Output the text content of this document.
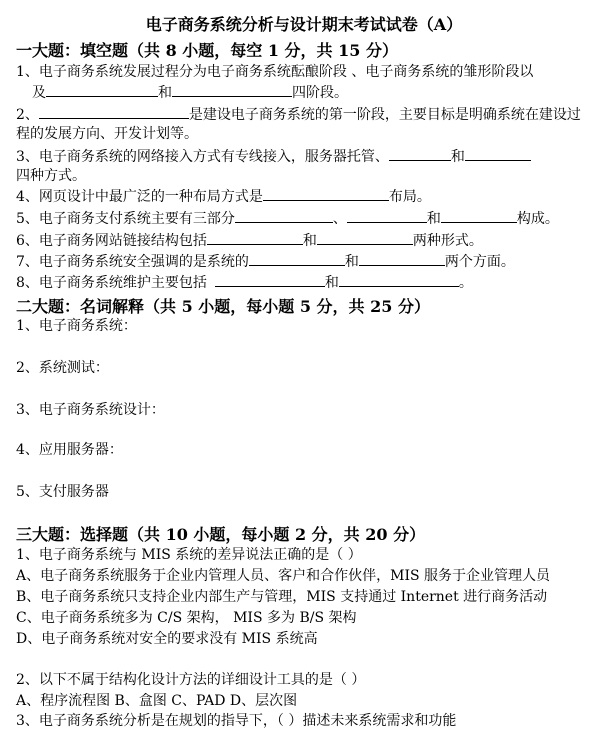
电子商务系统分析与设计期末考试试卷（A）
一大题：填空题（共 8 小题，每空 1 分，共 15 分）
1、电子商务系统发展过程分为电子商务系统酝酿阶段 、电子商务系统的雏形阶段以
及	和	四阶段。
2、	是建设电子商务系统的第一阶段，主要目标是明确系统在建设过
程的发展方向、开发计划等。
3、电子商务系统的网络接入方式有专线接入，服务器托管、	和
四种方式。
4、网页设计中最广泛的一种布局方式是	布局。
5、电子商务支付系统主要有三部分	、	和	构成。
6、电子商务网站链接结构包括	和	两种形式。
7、电子商务系统安全强调的是系统的	和	两个方面。
8、电子商务系统维护主要包括	和	。
二大题：名词解释（共 5 小题，每小题 5 分，共 25 分）
1、电子商务系统：
2、系统测试：
3、电子商务系统设计：
4、应用服务器：
5、支付服务器
三大题：选择题（共 10 小题，每小题 2 分，共 20 分）
1、电子商务系统与 MIS 系统的差异说法正确的是（ ）
A、电子商务系统服务于企业内管理人员、客户和合作伙伴，MIS 服务于企业管理人员
B、电子商务系统只支持企业内部生产与管理，MIS 支持通过 Internet 进行商务活动
C、电子商务系统多为 C/S 架构， MIS 多为 B/S 架构
D、电子商务系统对安全的要求没有 MIS 系统高
2、以下不属于结构化设计方法的详细设计工具的是（ ）
A、程序流程图 B、盒图 C、PAD D、层次图
3、电子商务系统分析是在规划的指导下，（ ）描述未来系统需求和功能
